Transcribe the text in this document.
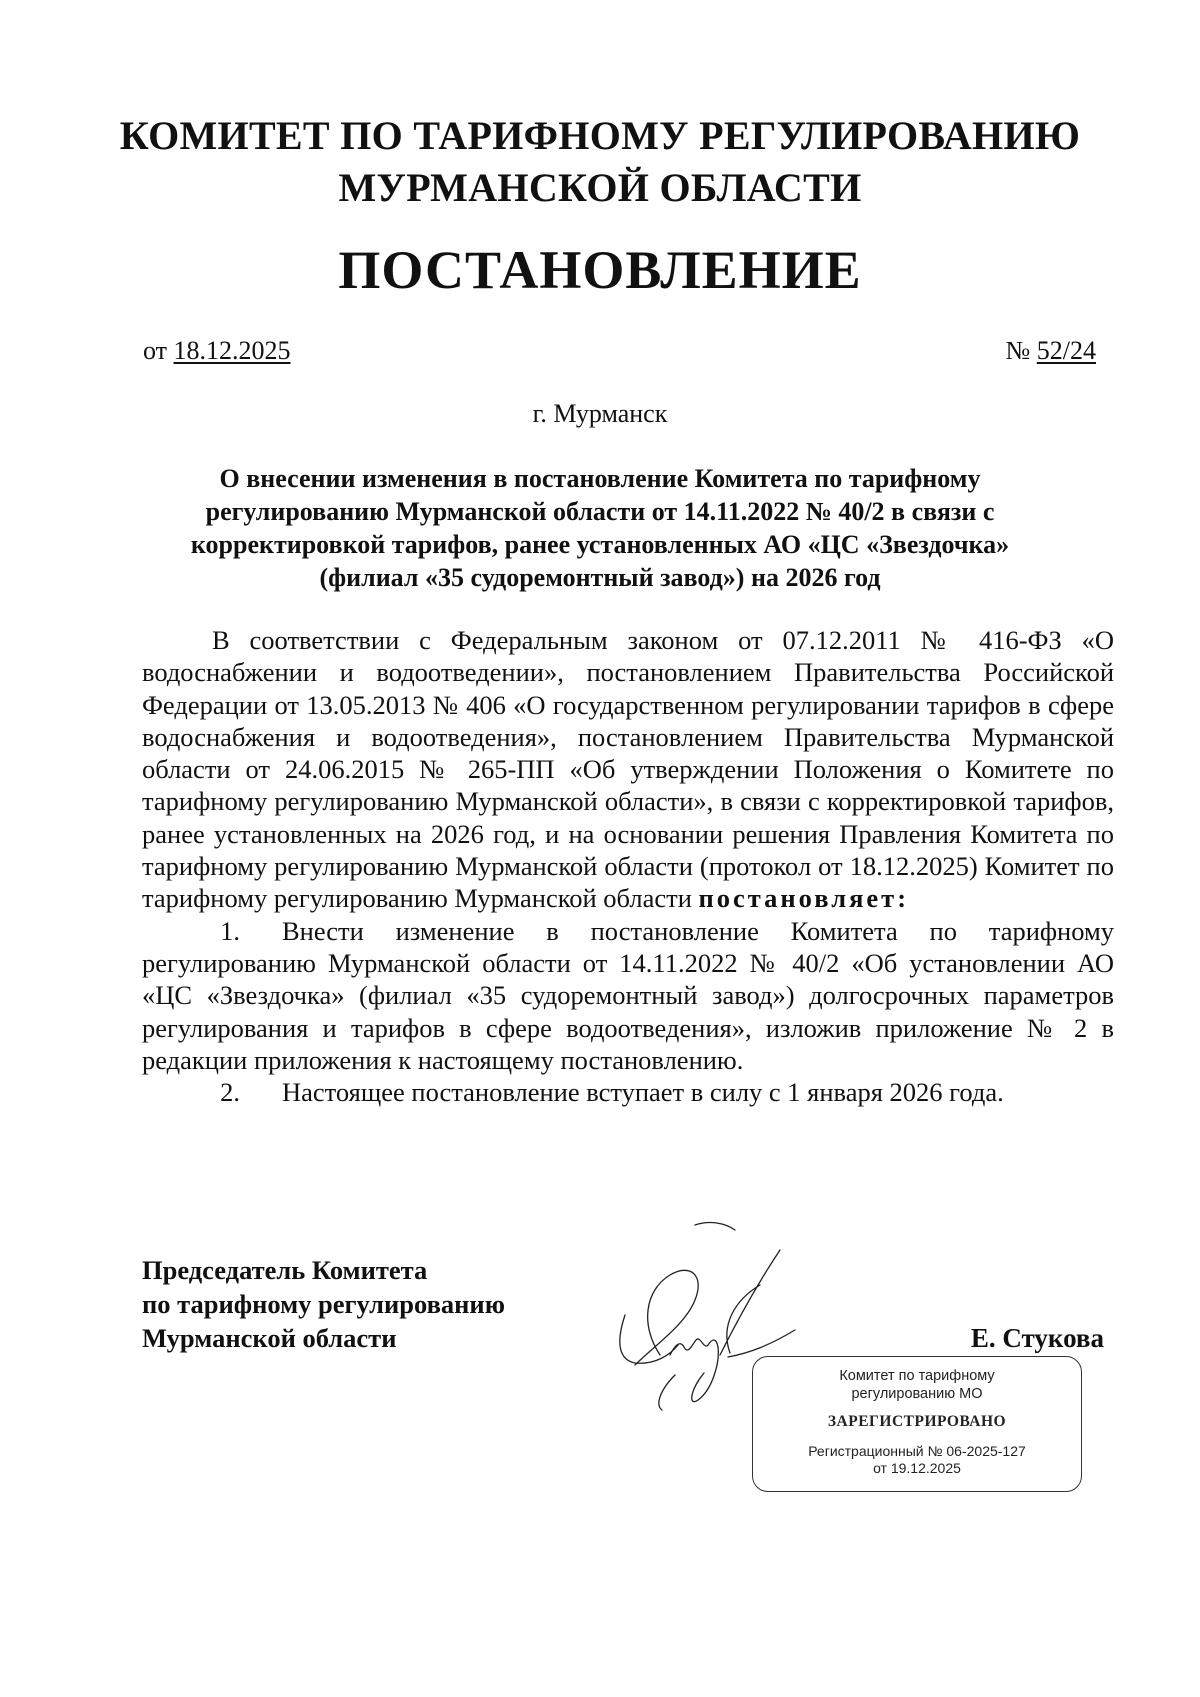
КОМИТЕТ ПО ТАРИФНОМУ РЕГУЛИРОВАНИЮ
МУРМАНСКОЙ ОБЛАСТИ
ПОСТАНОВЛЕНИЕ
от 18.12.2025	№ 52/24
г. Мурманск
О внесении изменения в постановление Комитета по тарифному
регулированию Мурманской области от 14.11.2022 № 40/2 в связи с
корректировкой тарифов, ранее установленных АО «ЦС «Звездочка»
(филиал «35 судоремонтный завод») на 2026 год

В соответствии с Федеральным законом от 07.12.2011 № 416-ФЗ «О водоснабжении и водоотведении», постановлением Правительства Российской Федерации от 13.05.2013 № 406 «О государственном регулировании тарифов в сфере водоснабжения и водоотведения», постановлением Правительства Мурманской области от 24.06.2015 № 265-ПП «Об утверждении Положения о Комитете по тарифному регулированию Мурманской области», в связи с корректировкой тарифов, ранее установленных на 2026 год, и на основании решения Правления Комитета по тарифному регулированию Мурманской области (протокол от 18.12.2025) Комитет по тарифному регулированию Мурманской области постановляет:

1.	Внести изменение в постановление Комитета по тарифному

регулированию Мурманской области от 14.11.2022 № 40/2 «Об установлении АО «ЦС «Звездочка» (филиал «35 судоремонтный завод») долгосрочных параметров регулирования и тарифов в сфере водоотведения», изложив приложение № 2 в редакции приложения к настоящему постановлению.

2.	Настоящее постановление вступает в силу с 1 января 2026 года.
Председатель Комитета
по тарифному регулированию
Мурманской области	Е. Стукова
Комитет по тарифному
регулированию МО
ЗАРЕГИСТРИРОВАНО
Регистрационный № 06-2025-127
от 19.12.2025
